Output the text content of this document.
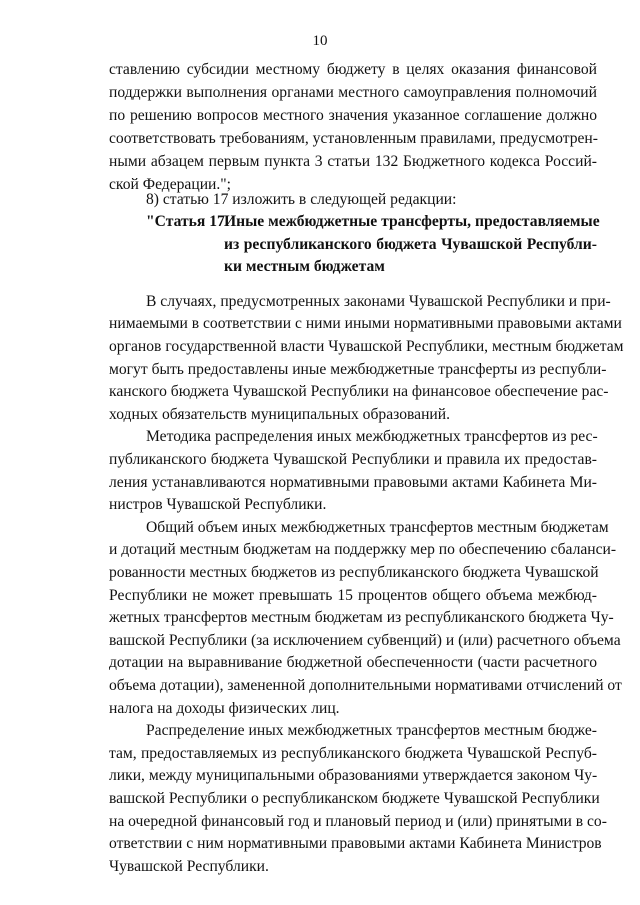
10
ставлению субсидии местному бюджету в целях оказания финансовой
поддержки выполнения органами местного самоуправления полномочий
по решению вопросов местного значения указанное соглашение должно
соответствовать требованиям, установленным правилами, предусмотрен-
ными абзацем первым пункта 3 статьи 132 Бюджетного кодекса Россий-
ской Федерации.";
8) статью 17 изложить в следующей редакции:
"Статья 17.
Иные межбюджетные трансферты, предоставляемые
из республиканского бюджета Чувашской Республи-
ки местным бюджетам
В случаях, предусмотренных законами Чувашской Республики и при-
нимаемыми в соответствии с ними иными нормативными правовыми актами
органов государственной власти Чувашской Республики, местным бюджетам
могут быть предоставлены иные межбюджетные трансферты из республи-
канского бюджета Чувашской Республики на финансовое обеспечение рас-
ходных обязательств муниципальных образований.
Методика распределения иных межбюджетных трансфертов из рес-
публиканского бюджета Чувашской Республики и правила их предостав-
ления устанавливаются нормативными правовыми актами Кабинета Ми-
нистров Чувашской Республики.
Общий объем иных межбюджетных трансфертов местным бюджетам
и дотаций местным бюджетам на поддержку мер по обеспечению сбаланси-
рованности местных бюджетов из республиканского бюджета Чувашской
Республики не может превышать 15 процентов общего объема межбюд-
жетных трансфертов местным бюджетам из республиканского бюджета Чу-
вашской Республики (за исключением субвенций) и (или) расчетного объема
дотации на выравнивание бюджетной обеспеченности (части расчетного
объема дотации), замененной дополнительными нормативами отчислений от
налога на доходы физических лиц.
Распределение иных межбюджетных трансфертов местным бюдже-
там, предоставляемых из республиканского бюджета Чувашской Респуб-
лики, между муниципальными образованиями утверждается законом Чу-
вашской Республики о республиканском бюджете Чувашской Республики
на очередной финансовый год и плановый период и (или) принятыми в со-
ответствии с ним нормативными правовыми актами Кабинета Министров
Чувашской Республики.
